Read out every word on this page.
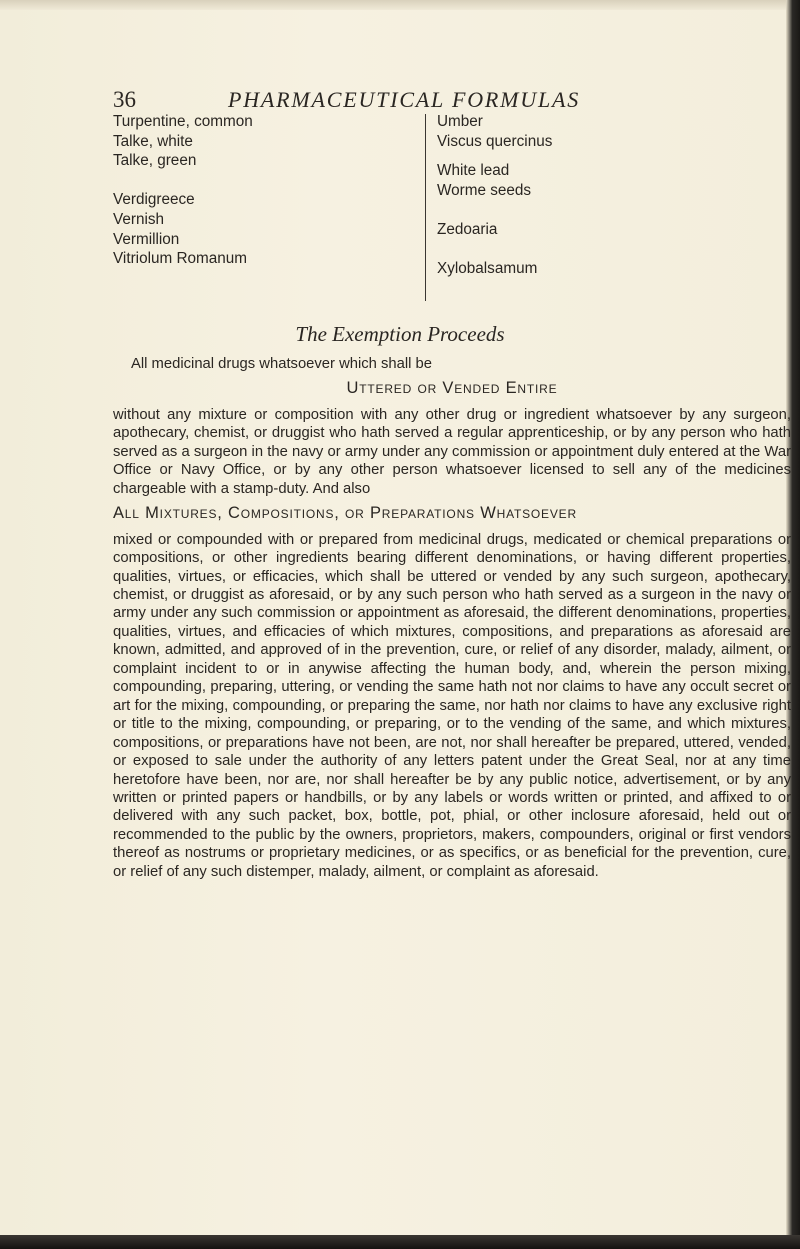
36	PHARMACEUTICAL FORMULAS
Turpentine, common
Talke, white
Talke, green
Verdigreece
Vernish
Vermillion
Vitriolum Romanum
Umber
Viscus quercinus
White lead
Worme seeds
Zedoaria
Xylobalsamum
The Exemption Proceeds

All medicinal drugs whatsoever which shall be

Uttered or Vended Entire

without any mixture or composition with any other drug or ingredient whatsoever by any surgeon, apothecary, chemist, or druggist who hath served a regular apprenticeship, or by any person who hath served as a surgeon in the navy or army under any commission or appointment duly entered at the War Office or Navy Office, or by any other person whatsoever licensed to sell any of the medicines chargeable with a stamp-duty. And also

All Mixtures, Compositions, or Preparations Whatsoever

mixed or compounded with or prepared from medicinal drugs, medicated or chemical preparations or compositions, or other ingredients bearing different denominations, or having different properties, qualities, virtues, or efficacies, which shall be uttered or vended by any such surgeon, apothecary, chemist, or druggist as aforesaid, or by any such person who hath served as a surgeon in the navy or army under any such commission or appointment as aforesaid, the different denominations, properties, qualities, virtues, and efficacies of which mixtures, compositions, and preparations as aforesaid are known, admitted, and approved of in the prevention, cure, or relief of any disorder, malady, ailment, or complaint incident to or in anywise affecting the human body, and, wherein the person mixing, compounding, preparing, uttering, or vending the same hath not nor claims to have any occult secret or art for the mixing, compounding, or preparing the same, nor hath nor claims to have any exclusive right or title to the mixing, compounding, or preparing, or to the vending of the same, and which mixtures, compositions, or preparations have not been, are not, nor shall hereafter be prepared, uttered, vended, or exposed to sale under the authority of any letters patent under the Great Seal, nor at any time heretofore have been, nor are, nor shall hereafter be by any public notice, advertisement, or by any written or printed papers or handbills, or by any labels or words written or printed, and affixed to or delivered with any such packet, box, bottle, pot, phial, or other inclosure aforesaid, held out or recommended to the public by the owners, proprietors, makers, compounders, original or first vendors thereof as nostrums or proprietary medicines, or as specifics, or as beneficial for the prevention, cure, or relief of any such distemper, malady, ailment, or complaint as aforesaid.
